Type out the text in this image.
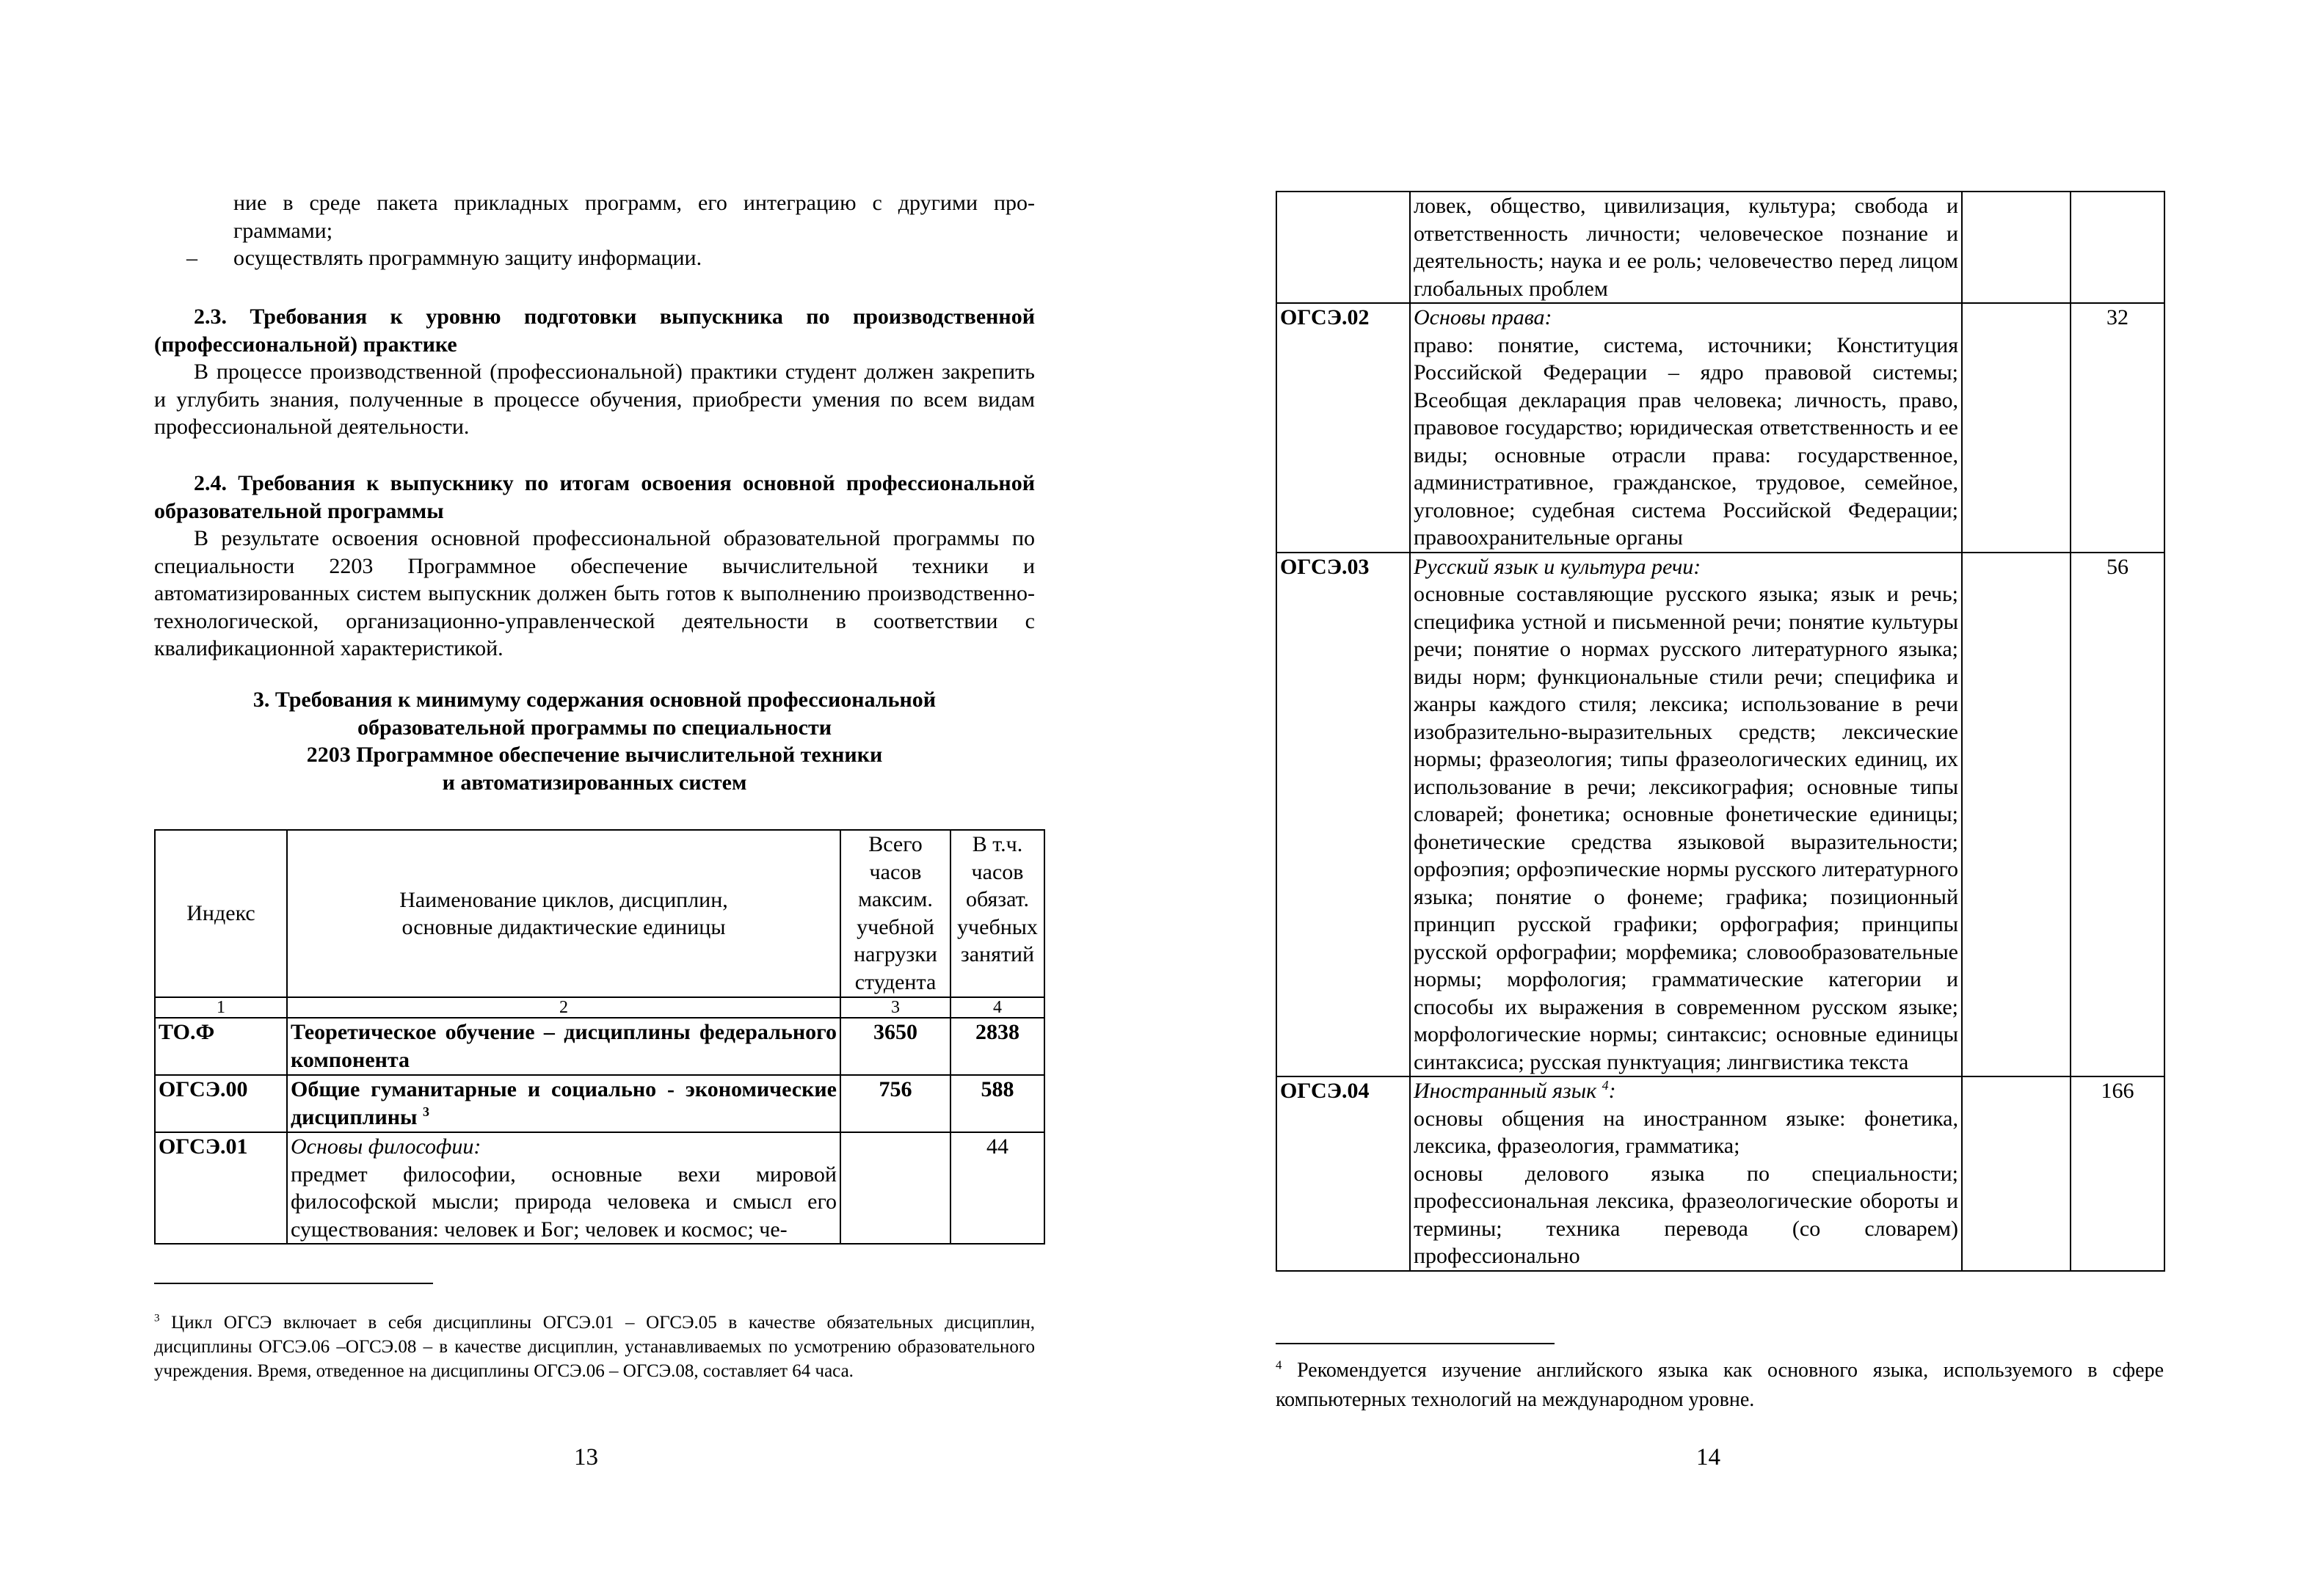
ние в среде пакета прикладных программ, его интеграцию с другими про-

граммами;

– осуществлять программную защиту информации.

2.3. Требования к уровню подготовки выпускника по производственной (профессиональной) практике

В процессе производственной (профессиональной) практики студент должен закрепить и углубить знания, полученные в процессе обучения, приобрести умения по всем видам профессиональной деятельности.

2.4. Требования к выпускнику по итогам освоения основной профессиональной образовательной программы

В результате освоения основной профессиональной образовательной программы по специальности 2203 Программное обеспечение вычислительной техники и автоматизированных систем выпускник должен быть готов к выполнению производственно-технологической, организационно-управленческой деятельности в соответствии с квалификационной характеристикой.

3. Требования к минимуму содержания основной профессиональной

образовательной программы по специальности

2203 Программное обеспечение вычислительной техники

и автоматизированных систем

Индекс	Наименование циклов, дисциплин, основные дидактические единицы	Всего часов максим. учебной нагрузки студента	В т.ч. часов обязат. учебных занятий
1	2	3	4
ТО.Ф	Теоретическое обучение – дисциплины федерального компонента	3650	2838
ОГСЭ.00	Общие гуманитарные и социально - экономические дисциплины $^3$	756	588
ОГСЭ.01	Основы философии:
предмет философии, основные вехи мировой философской мысли; природа человека и смысл его существования: человек и Бог; человек и космос; че-		44

$^3$ Цикл ОГСЭ включает в себя дисциплины ОГСЭ.01 – ОГСЭ.05 в качестве обязательных дисциплин, дисциплины ОГСЭ.06 –ОГСЭ.08 – в качестве дисциплин, устанавливаемых по усмотрению образовательного учреждения. Время, отведенное на дисциплины ОГСЭ.06 – ОГСЭ.08, составляет 64 часа.

13
	ловек, общество, цивилизация, культура; свобода и ответственность личности; человеческое познание и деятельность; наука и ее роль; человечество перед лицом глобальных проблем		
ОГСЭ.02	Основы права:
право: понятие, система, источники; Конституция Российской Федерации – ядро правовой системы; Всеобщая декларация прав человека; личность, право, правовое государство; юридическая ответственность и ее виды; основные отрасли права: государственное, административное, гражданское, трудовое, семейное, уголовное; судебная система Российской Федерации; правоохранительные органы		32
ОГСЭ.03	Русский язык и культура речи:
основные составляющие русского языка; язык и речь; специфика устной и письменной речи; понятие культуры речи; понятие о нормах русского литературного языка; виды норм; функциональные стили речи; специфика и жанры каждого стиля; лексика; использование в речи изобразительно-выразительных средств; лексические нормы; фразеология; типы фразеологических единиц, их использование в речи; лексикография; основные типы словарей; фонетика; основные фонетические единицы; фонетические средства языковой выразительности; орфоэпия; орфоэпические нормы русского литературного языка; понятие о фонеме; графика; позиционный принцип русской графики; орфография; принципы русской орфографии; морфемика; словообразовательные нормы; морфология; грамматические категории и способы их выражения в современном русском языке; морфологические нормы; синтаксис; основные единицы синтаксиса; русская пунктуация; лингвистика текста		56
ОГСЭ.04	Иностранный язык $^4$:
основы общения на иностранном языке: фонетика, лексика, фразеология, грамматика;
основы делового языка по специальности; профессиональная лексика, фразеологические обороты и термины; техника перевода (со словарем) профессионально		166

$^4$ Рекомендуется изучение английского языка как основного языка, используемого в сфере компьютерных технологий на международном уровне.

14
